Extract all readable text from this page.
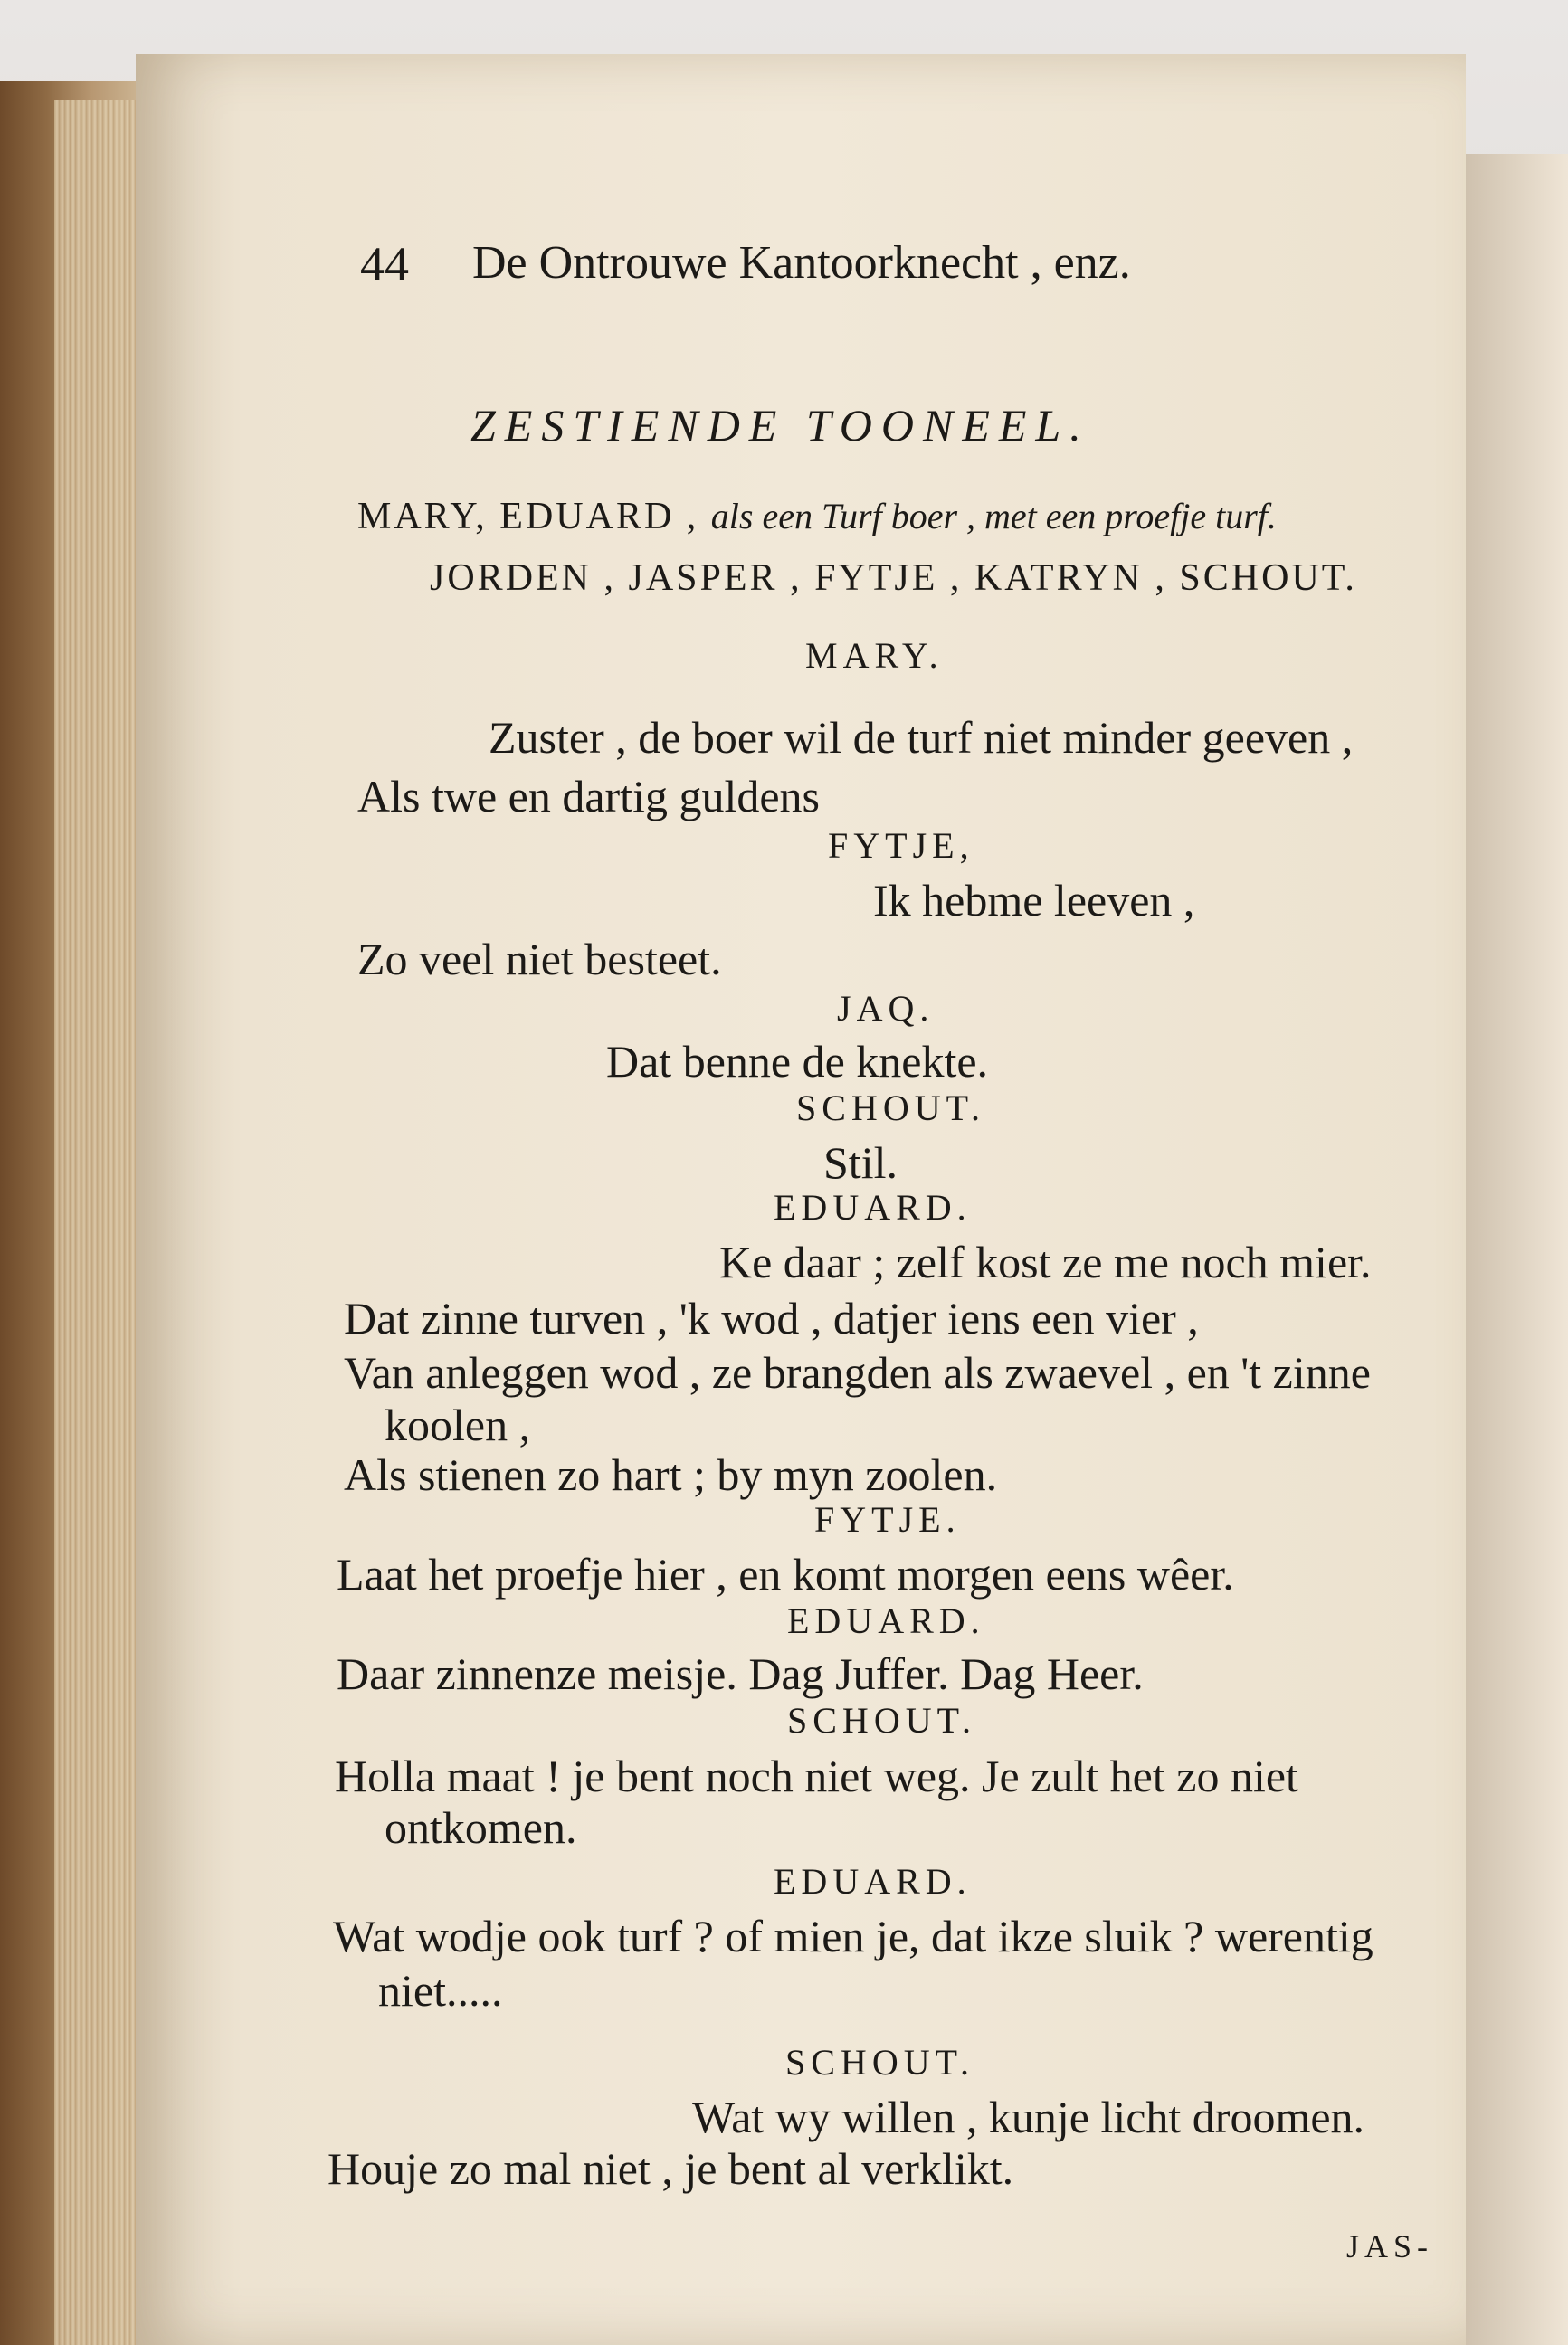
44 De Ontrouwe Kantoorknecht , enz.
ZESTIENDE TOONEEL.
MARY, EDUARD , als een Turf boer , met een proefje turf.
JORDEN , JASPER , FYTJE , KATRYN , SCHOUT.
MARY.
Zuster , de boer wil de turf niet minder geeven ,
Als twe en dartig guldens
FYTJE,
Ik hebme leeven ,
Zo veel niet besteet.
JAQ.
Dat benne de knekte.
SCHOUT.
Stil.
EDUARD.
Ke daar ; zelf kost ze me noch mier.
Dat zinne turven , 'k wod , datjer iens een vier ,
Van anleggen wod , ze brangden als zwaevel , en 't zinne
koolen ,
Als stienen zo hart ; by myn zoolen.
FYTJE.
Laat het proefje hier , en komt morgen eens wêer.
EDUARD.
Daar zinnenze meisje. Dag Juffer. Dag Heer.
SCHOUT.
Holla maat ! je bent noch niet weg. Je zult het zo niet
ontkomen.
EDUARD.
Wat wodje ook turf ? of mien je, dat ikze sluik ? werentig
niet.....
SCHOUT.
Wat wy willen , kunje licht droomen.
Houje zo mal niet , je bent al verklikt.
JAS-
